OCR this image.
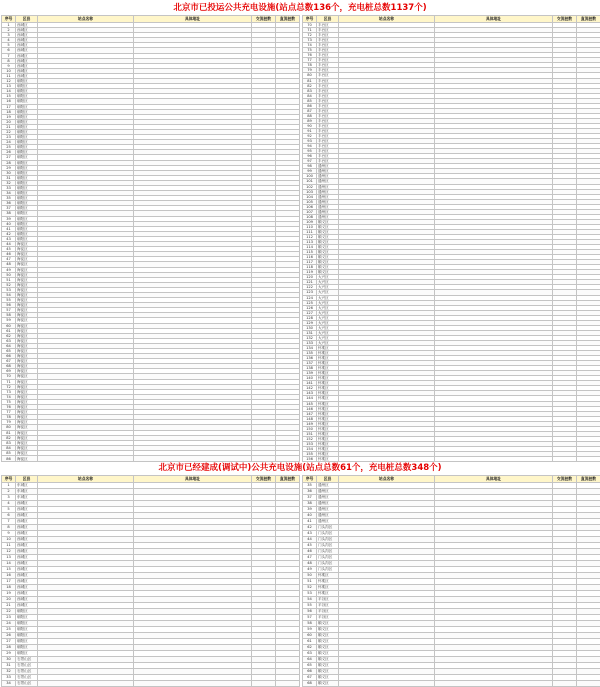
北京市已投运公共充电设施(站点总数136个，充电桩总数1137个)
序号	区县	站点名称	具体地址	交流桩数	直流桩数
1	西城区				
2	西城区				
3	西城区				
4	西城区				
5	西城区				
6	西城区				
7	西城区				
8	西城区				
9	西城区				
10	西城区				
11	西城区				
12	朝阳区				
13	朝阳区				
14	朝阳区				
15	朝阳区				
16	朝阳区				
17	朝阳区				
18	朝阳区				
19	朝阳区				
20	朝阳区				
21	朝阳区				
22	朝阳区				
23	朝阳区				
24	朝阳区				
25	朝阳区				
26	朝阳区				
27	朝阳区				
28	朝阳区				
29	朝阳区				
30	朝阳区				
31	朝阳区				
32	朝阳区				
33	朝阳区				
34	朝阳区				
35	朝阳区				
36	朝阳区				
37	朝阳区				
38	朝阳区				
39	朝阳区				
40	朝阳区				
41	朝阳区				
42	朝阳区				
43	朝阳区				
44	海淀区				
45	海淀区				
46	海淀区				
47	海淀区				
48	海淀区				
49	海淀区				
50	海淀区				
51	海淀区				
52	海淀区				
53	海淀区				
54	海淀区				
55	海淀区				
56	海淀区				
57	海淀区				
58	海淀区				
59	海淀区				
60	海淀区				
61	海淀区				
62	海淀区				
63	海淀区				
64	海淀区				
65	海淀区				
66	海淀区				
67	海淀区				
68	海淀区				
69	海淀区				
70	海淀区				
71	海淀区				
72	海淀区				
73	海淀区				
74	海淀区				
75	海淀区				
76	海淀区				
77	海淀区				
78	海淀区				
79	海淀区				
80	海淀区				
81	海淀区				
82	海淀区				
83	海淀区				
84	海淀区				
85	海淀区				
86	海淀区				
序号	区县	站点名称	具体地址	交流桩数	直流桩数
70	丰台区				
71	丰台区				
72	丰台区				
73	丰台区				
74	丰台区				
75	丰台区				
76	丰台区				
77	丰台区				
78	丰台区				
79	丰台区				
80	丰台区				
81	丰台区				
82	丰台区				
83	丰台区				
84	丰台区				
85	丰台区				
86	丰台区				
87	丰台区				
88	丰台区				
89	丰台区				
90	丰台区				
91	丰台区				
92	丰台区				
93	丰台区				
94	丰台区				
95	丰台区				
96	丰台区				
97	丰台区				
98	通州区				
99	通州区				
100	通州区				
101	通州区				
102	通州区				
103	通州区				
104	通州区				
105	通州区				
106	通州区				
107	通州区				
108	通州区				
109	顺义区				
110	顺义区				
111	顺义区				
112	顺义区				
113	顺义区				
114	顺义区				
115	顺义区				
116	顺义区				
117	顺义区				
118	顺义区				
119	顺义区				
120	大兴区				
121	大兴区				
122	大兴区				
123	大兴区				
124	大兴区				
125	大兴区				
126	大兴区				
127	大兴区				
128	大兴区				
129	大兴区				
130	大兴区				
131	大兴区				
132	大兴区				
133	大兴区				
134	怀柔区				
135	怀柔区				
136	怀柔区				
137	怀柔区				
138	怀柔区				
139	怀柔区				
140	怀柔区				
141	怀柔区				
142	怀柔区				
143	怀柔区				
144	怀柔区				
145	怀柔区				
146	怀柔区				
147	怀柔区				
148	怀柔区				
149	怀柔区				
150	怀柔区				
151	怀柔区				
152	怀柔区				
153	怀柔区				
154	怀柔区				
155	怀柔区				
156	怀柔区				
北京市已经建成(调试中)公共充电设施(站点总数61个，充电桩总数348个)
序号	区县	站点名称	具体地址	交流桩数	直流桩数
1	东城区				
2	东城区				
3	东城区				
4	西城区				
5	西城区				
6	西城区				
7	西城区				
8	西城区				
9	西城区				
10	西城区				
11	西城区				
12	西城区				
13	西城区				
14	西城区				
15	西城区				
16	西城区				
17	西城区				
18	西城区				
19	西城区				
20	西城区				
21	西城区				
22	朝阳区				
23	朝阳区				
24	朝阳区				
25	朝阳区				
26	朝阳区				
27	朝阳区				
28	朝阳区				
29	朝阳区				
30	石景山区				
31	石景山区				
32	石景山区				
33	石景山区				
34	石景山区				
序号	区县	站点名称	具体地址	交流桩数	直流桩数
35	通州区				
36	通州区				
37	通州区				
38	通州区				
39	通州区				
40	通州区				
41	通州区				
42	门头沟区				
43	门头沟区				
44	门头沟区				
45	门头沟区				
46	门头沟区				
47	门头沟区				
48	门头沟区				
49	门头沟区				
50	怀柔区				
51	怀柔区				
52	怀柔区				
53	怀柔区				
54	平谷区				
55	平谷区				
56	平谷区				
57	平谷区				
58	顺义区				
59	顺义区				
60	顺义区				
61	顺义区				
62	顺义区				
63	顺义区				
64	顺义区				
65	顺义区				
66	顺义区				
67	顺义区				
68	顺义区				
